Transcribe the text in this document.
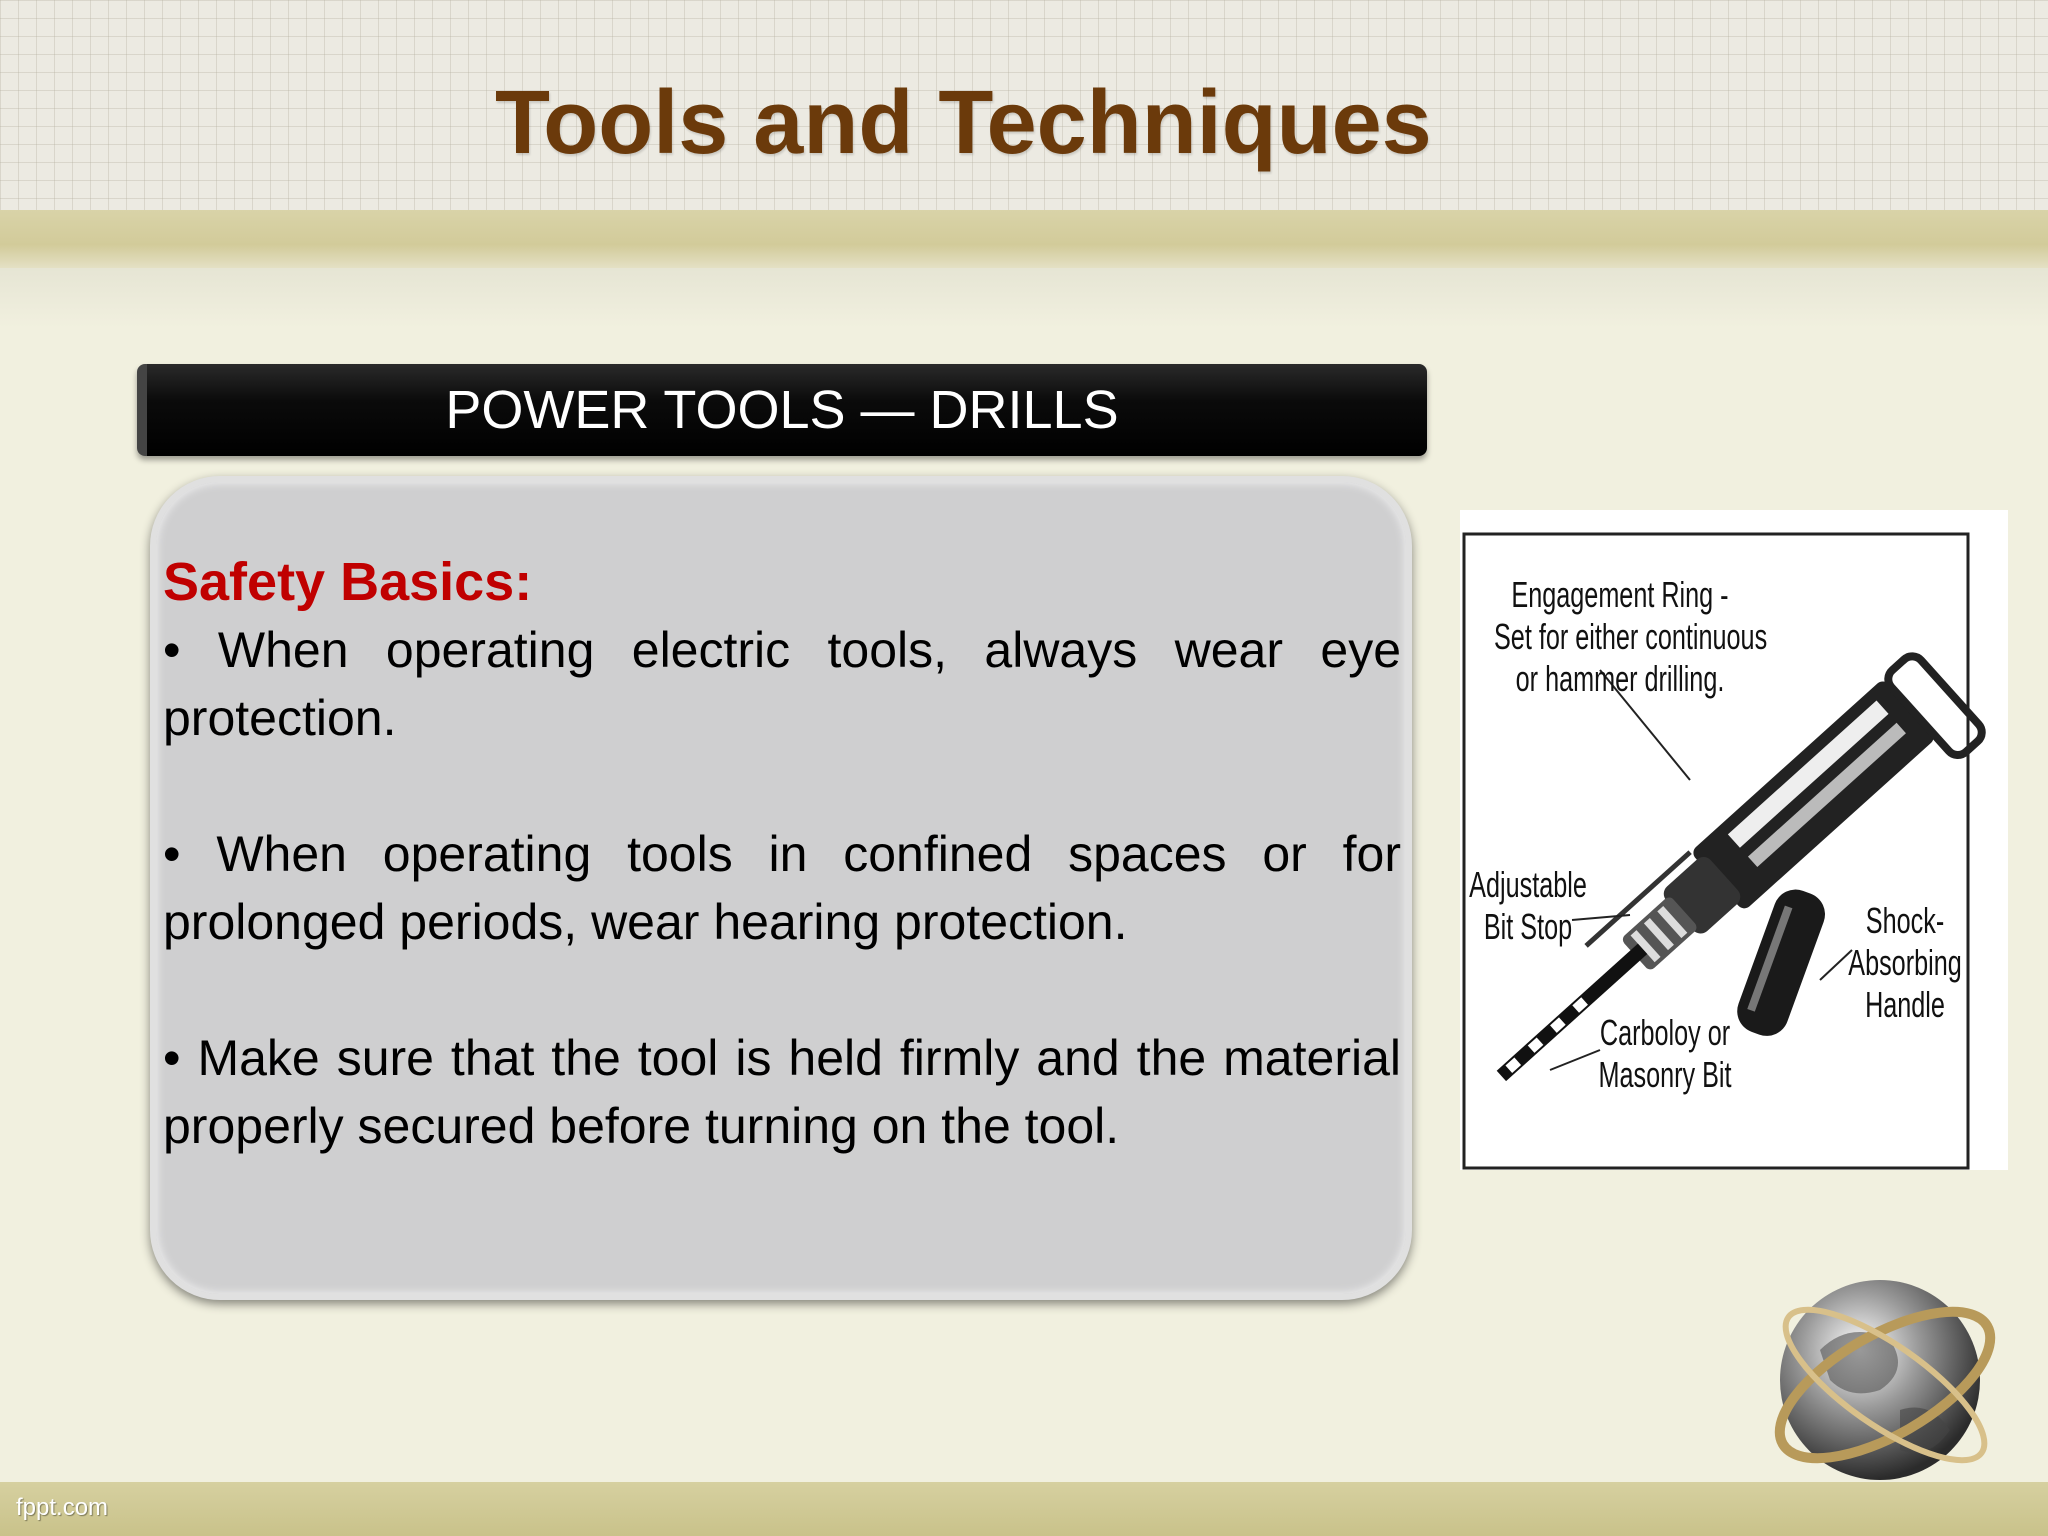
Tools and Techniques
POWER TOOLS — DRILLS
Safety Basics:
• When operating electric tools, always wear eye protection.
• When operating tools in confined spaces or for prolonged periods, wear hearing protection.
• Make sure that the tool is held firmly and the material properly secured before turning on the tool.
Engagement Ring -
Set for either continuous
or hammer drilling.
Adjustable
Bit Stop
Carboloy or
Masonry Bit
Shock-
Absorbing
Handle
fppt.com
